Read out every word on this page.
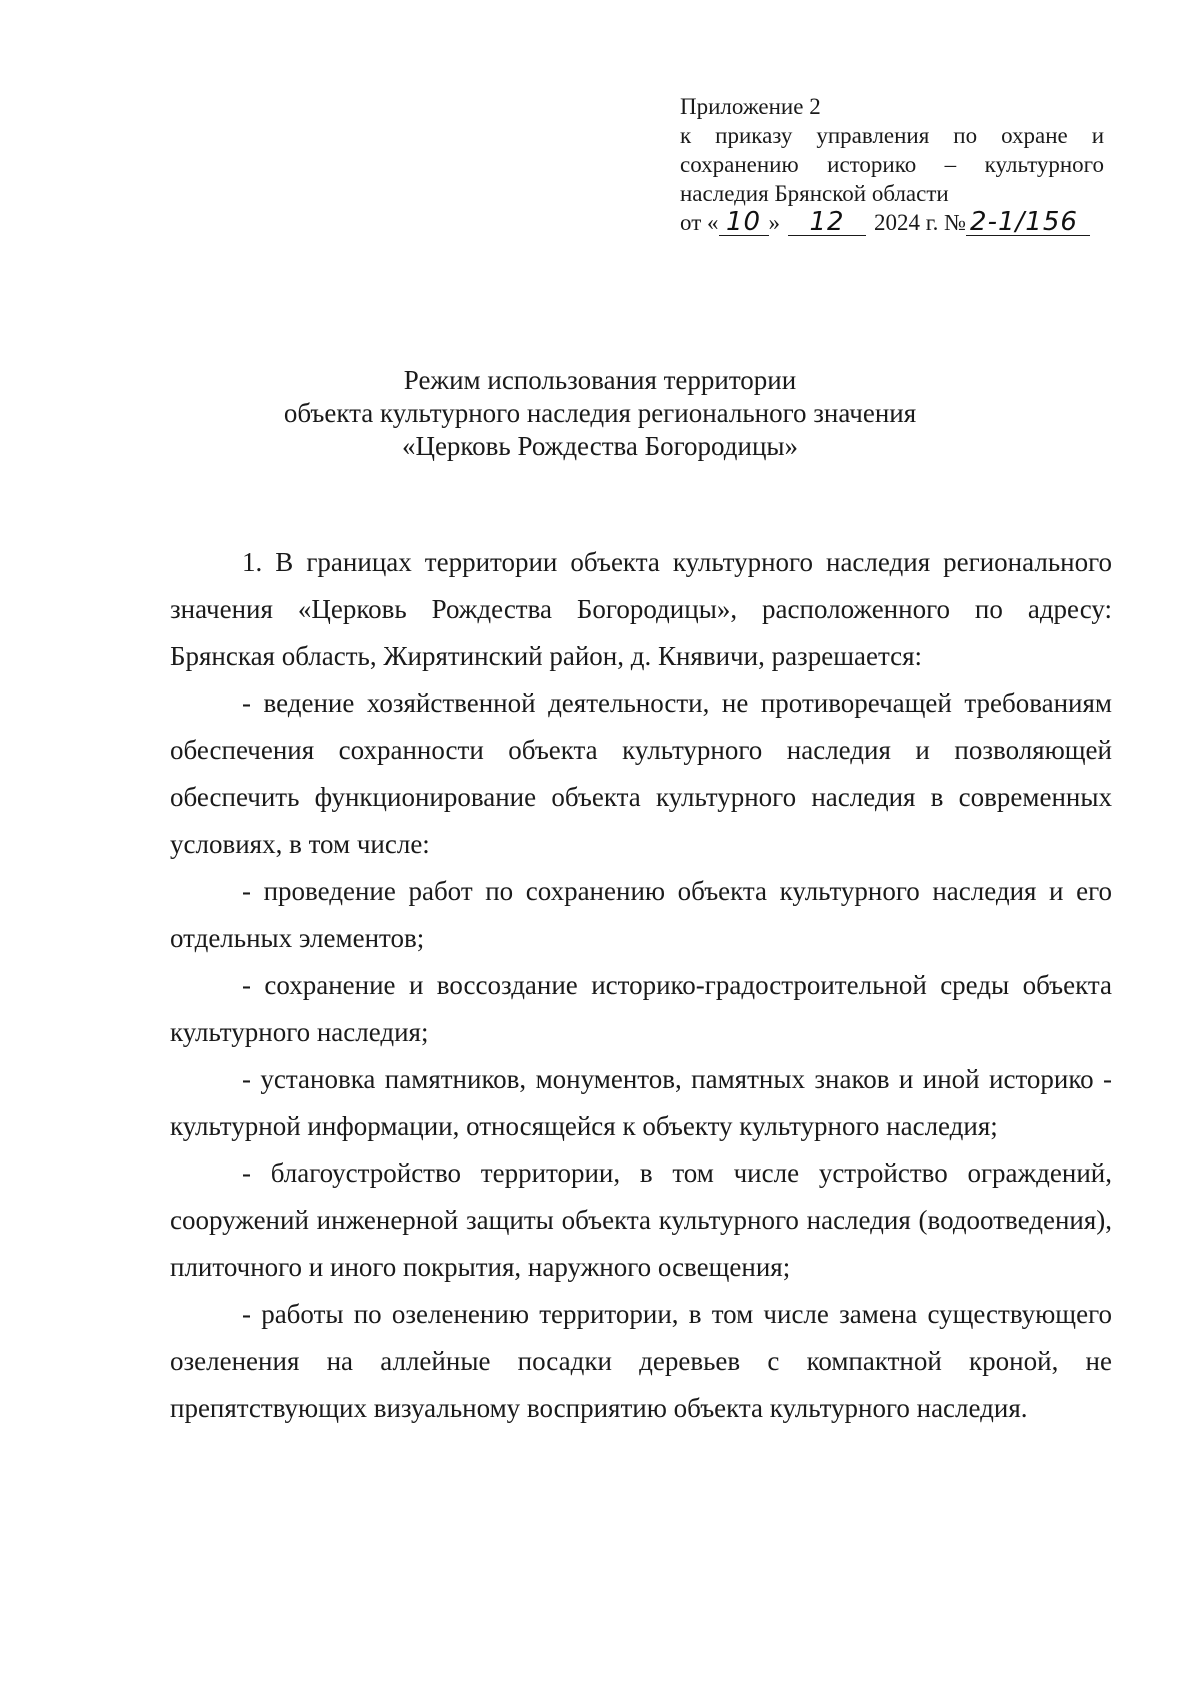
Приложение 2
к приказу управления по охране и
сохранению историко – культурного
наследия Брянской области
от « 10 »	12	2024 г. № 2-1/156
Режим использования территории
объекта культурного наследия регионального значения
«Церковь Рождества Богородицы»

1. В границах территории объекта культурного наследия регионального значения «Церковь Рождества Богородицы», расположенного по адресу: Брянская область, Жирятинский район, д. Княвичи, разрешается:

- ведение хозяйственной деятельности, не противоречащей требованиям обеспечения сохранности объекта культурного наследия и позволяющей обеспечить функционирование объекта культурного наследия в современных условиях, в том числе:

- проведение работ по сохранению объекта культурного наследия и его отдельных элементов;

- сохранение и воссоздание историко-градостроительной среды объекта культурного наследия;

- установка памятников, монументов, памятных знаков и иной историко - культурной информации, относящейся к объекту культурного наследия;

- благоустройство территории, в том числе устройство ограждений, сооружений инженерной защиты объекта культурного наследия (водоотведения), плиточного и иного покрытия, наружного освещения;

- работы по озеленению территории, в том числе замена существующего озеленения на аллейные посадки деревьев с компактной кроной, не препятствующих визуальному восприятию объекта культурного наследия.
